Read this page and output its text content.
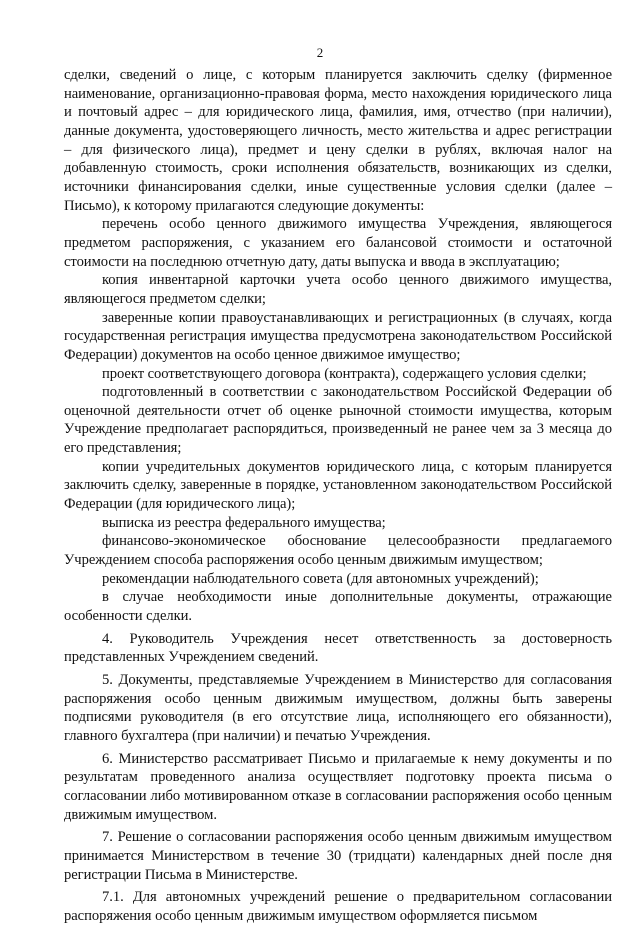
2

сделки, сведений о лице, с которым планируется заключить сделку (фирменное наименование, организационно-правовая форма, место нахождения юридического лица и почтовый адрес – для юридического лица, фамилия, имя, отчество (при наличии), данные документа, удостоверяющего личность, место жительства и адрес регистрации – для физического лица), предмет и цену сделки в рублях, включая налог на добавленную стоимость, сроки исполнения обязательств, возникающих из сделки, источники финансирования сделки, иные существенные условия сделки (далее – Письмо), к которому прилагаются следующие документы:

перечень особо ценного движимого имущества Учреждения, являющегося предметом распоряжения, с указанием его балансовой стоимости и остаточной стоимости на последнюю отчетную дату, даты выпуска и ввода в эксплуатацию;

копия инвентарной карточки учета особо ценного движимого имущества, являющегося предметом сделки;

заверенные копии правоустанавливающих и регистрационных (в случаях, когда государственная регистрация имущества предусмотрена законодательством Российской Федерации) документов на особо ценное движимое имущество;

проект соответствующего договора (контракта), содержащего условия сделки;

подготовленный в соответствии с законодательством Российской Федерации об оценочной деятельности отчет об оценке рыночной стоимости имущества, которым Учреждение предполагает распорядиться, произведенный не ранее чем за 3 месяца до его представления;

копии учредительных документов юридического лица, с которым планируется заключить сделку, заверенные в порядке, установленном законодательством Российской Федерации (для юридического лица);

выписка из реестра федерального имущества;

финансово-экономическое обоснование целесообразности предлагаемого Учреждением способа распоряжения особо ценным движимым имуществом;

рекомендации наблюдательного совета (для автономных учреждений);

в случае необходимости иные дополнительные документы, отражающие особенности сделки.

4. Руководитель Учреждения несет ответственность за достоверность представленных Учреждением сведений.

5. Документы, представляемые Учреждением в Министерство для согласования распоряжения особо ценным движимым имуществом, должны быть заверены подписями руководителя (в его отсутствие лица, исполняющего его обязанности), главного бухгалтера (при наличии) и печатью Учреждения.

6. Министерство рассматривает Письмо и прилагаемые к нему документы и по результатам проведенного анализа осуществляет подготовку проекта письма о согласовании либо мотивированном отказе в согласовании распоряжения особо ценным движимым имуществом.

7. Решение о согласовании распоряжения особо ценным движимым имуществом принимается Министерством в течение 30 (тридцати) календарных дней после дня регистрации Письма в Министерстве.

7.1. Для автономных учреждений решение о предварительном согласовании распоряжения особо ценным движимым имуществом оформляется письмом
